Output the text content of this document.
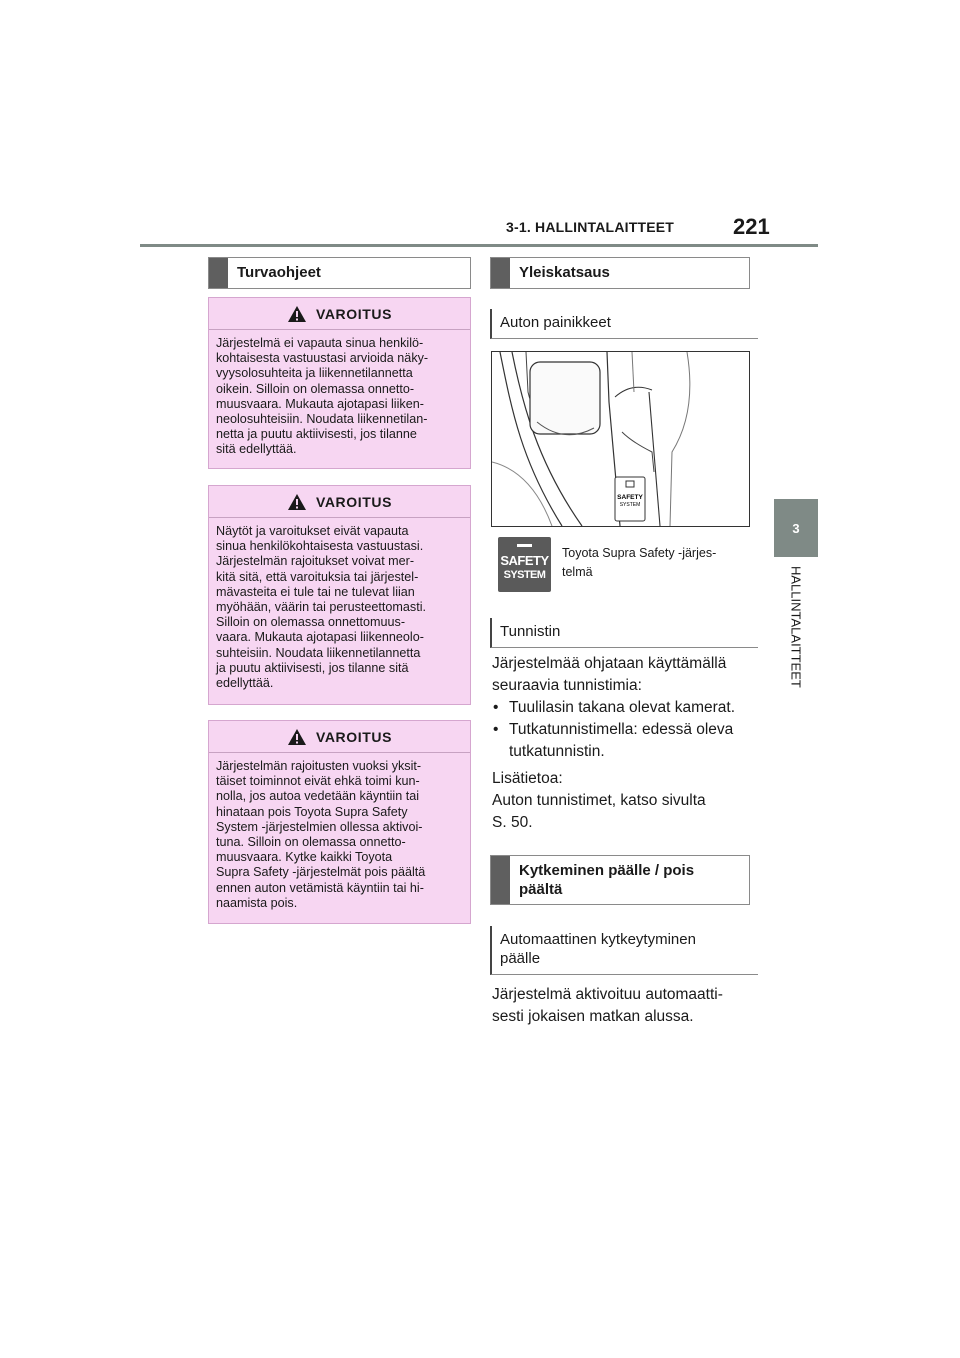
3-1. HALLINTALAITTEET	221
3
HALLINTALAITTEET
Turvaohjeet
VAROITUS
Järjestelmä ei vapauta sinua henkilö-
kohtaisesta vastuustasi arvioida näky-
vyysolosuhteita ja liikennetilannetta
oikein. Silloin on olemassa onnetto-
muusvaara. Mukauta ajotapasi liiken-
neolosuhteisiin. Noudata liikennetilan-
netta ja puutu aktiivisesti, jos tilanne
sitä edellyttää.
VAROITUS
Näytöt ja varoitukset eivät vapauta
sinua henkilökohtaisesta vastuustasi.
Järjestelmän rajoitukset voivat mer-
kitä sitä, että varoituksia tai järjestel-
mävasteita ei tule tai ne tulevat liian
myöhään, väärin tai perusteettomasti.
Silloin on olemassa onnettomuus-
vaara. Mukauta ajotapasi liikenneolo-
suhteisiin. Noudata liikennetilannetta
ja puutu aktiivisesti, jos tilanne sitä
edellyttää.
VAROITUS
Järjestelmän rajoitusten vuoksi yksit-
täiset toiminnot eivät ehkä toimi kun-
nolla, jos autoa vedetään käyntiin tai
hinataan pois Toyota Supra Safety
System -järjestelmien ollessa aktivoi-
tuna. Silloin on olemassa onnetto-
muusvaara. Kytke kaikki Toyota
Supra Safety -järjestelmät pois päältä
ennen auton vetämistä käyntiin tai hi-
naamista pois.
Yleiskatsaus
Auton painikkeet
SAFETY
SYSTEM
SAFETY
SYSTEM
Toyota Supra Safety -järjes-
telmä
Tunnistin
Järjestelmää ohjataan käyttämällä
seuraavia tunnistimia:
• Tuulilasin takana olevat kamerat.
• Tutkatunnistimella: edessä oleva
tutkatunnistin.
Lisätietoa:
Auton tunnistimet, katso sivulta
S. 50.
Kytkeminen päälle / pois
päältä
Automaattinen kytkeytyminen
päälle
Järjestelmä aktivoituu automaatti-
sesti jokaisen matkan alussa.
